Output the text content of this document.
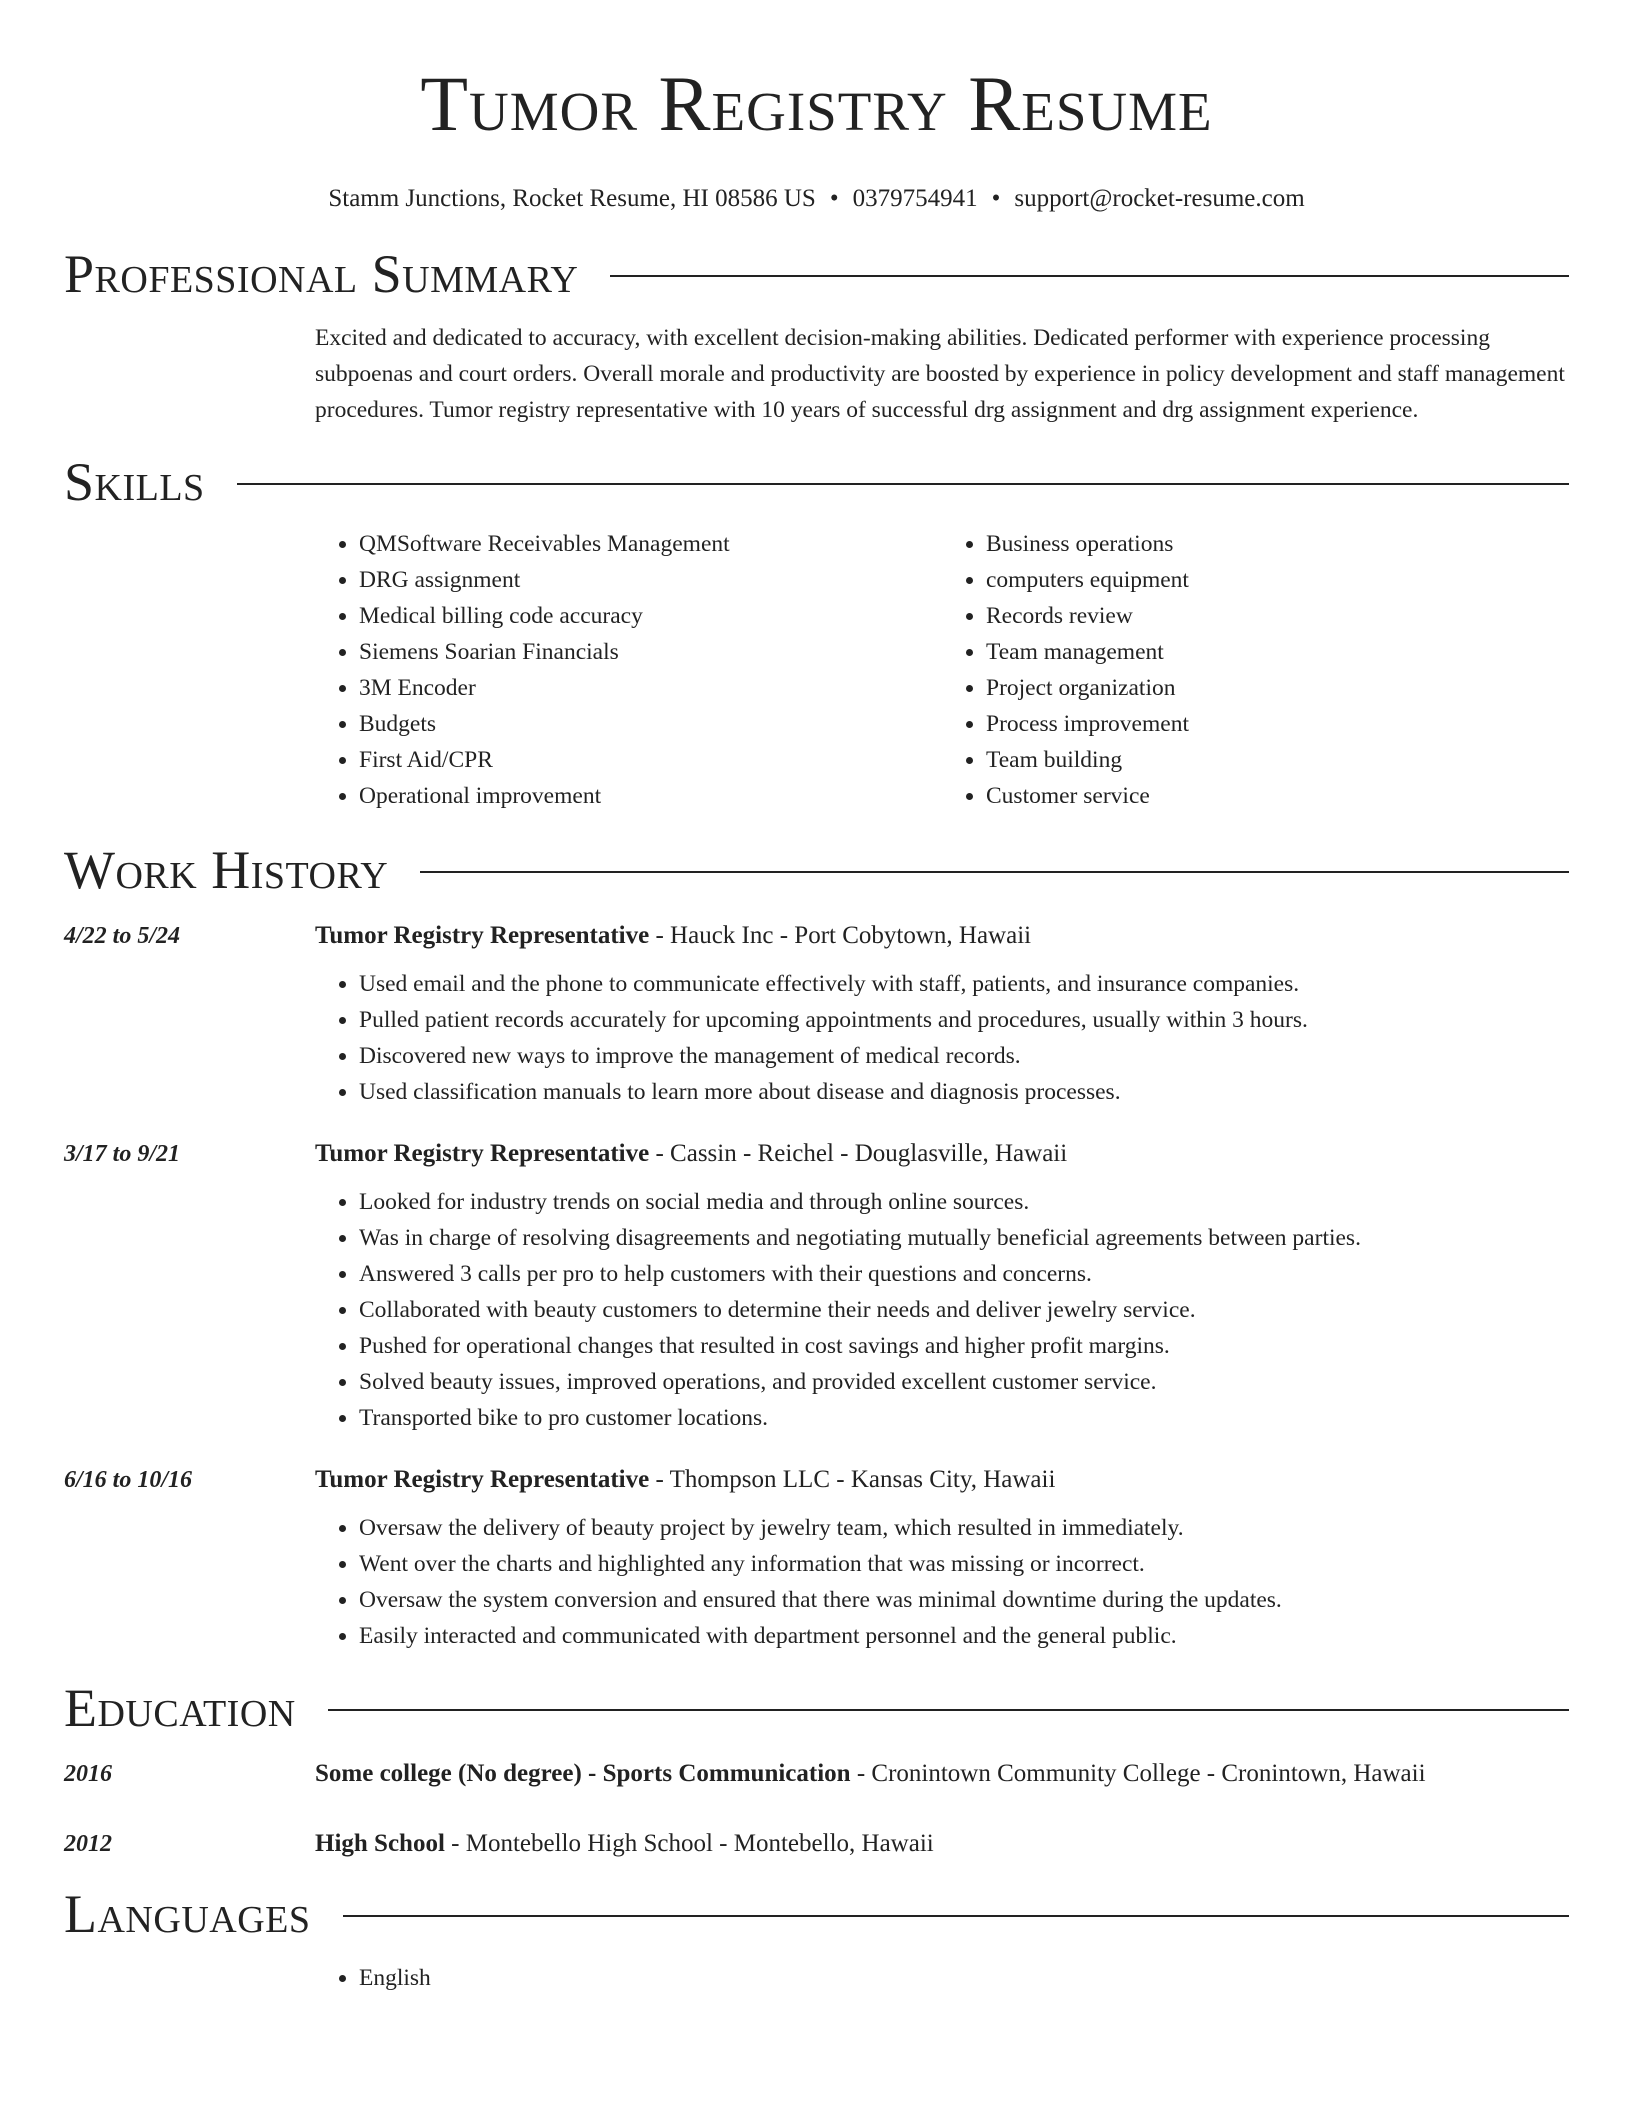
Tumor Registry Resume
Stamm Junctions, Rocket Resume, HI 08586 US • 0379754941 • support@rocket-resume.com
Professional Summary
Excited and dedicated to accuracy, with excellent decision-making abilities. Dedicated performer with experience processing subpoenas and court orders. Overall morale and productivity are boosted by experience in policy development and staff management procedures. Tumor registry representative with 10 years of successful drg assignment and drg assignment experience.
Skills
• QMSoftware Receivables Management
• DRG assignment
• Medical billing code accuracy
• Siemens Soarian Financials
• 3M Encoder
• Budgets
• First Aid/CPR
• Operational improvement
• Business operations
• computers equipment
• Records review
• Team management
• Project organization
• Process improvement
• Team building
• Customer service
Work History
4/22 to 5/24	Tumor Registry Representative - Hauck Inc - Port Cobytown, Hawaii
• Used email and the phone to communicate effectively with staff, patients, and insurance companies.
• Pulled patient records accurately for upcoming appointments and procedures, usually within 3 hours.
• Discovered new ways to improve the management of medical records.
• Used classification manuals to learn more about disease and diagnosis processes.
3/17 to 9/21	Tumor Registry Representative - Cassin - Reichel - Douglasville, Hawaii
• Looked for industry trends on social media and through online sources.
• Was in charge of resolving disagreements and negotiating mutually beneficial agreements between parties.
• Answered 3 calls per pro to help customers with their questions and concerns.
• Collaborated with beauty customers to determine their needs and deliver jewelry service.
• Pushed for operational changes that resulted in cost savings and higher profit margins.
• Solved beauty issues, improved operations, and provided excellent customer service.
• Transported bike to pro customer locations.
6/16 to 10/16	Tumor Registry Representative - Thompson LLC - Kansas City, Hawaii
• Oversaw the delivery of beauty project by jewelry team, which resulted in immediately.
• Went over the charts and highlighted any information that was missing or incorrect.
• Oversaw the system conversion and ensured that there was minimal downtime during the updates.
• Easily interacted and communicated with department personnel and the general public.
Education
2016	Some college (No degree) - Sports Communication - Cronintown Community College - Cronintown, Hawaii
2012	High School - Montebello High School - Montebello, Hawaii
Languages
• English
